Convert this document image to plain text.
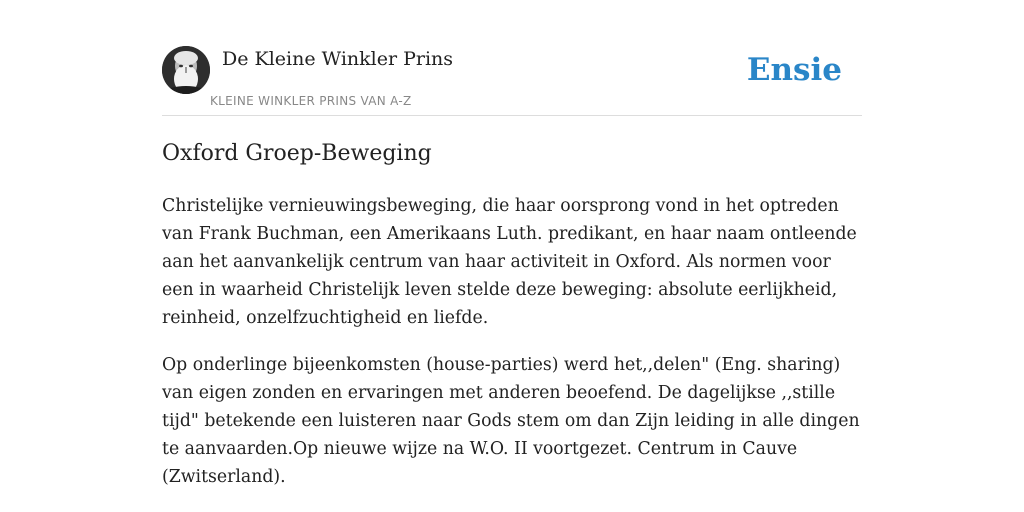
De Kleine Winkler Prins
KLEINE WINKLER PRINS VAN A-Z
Ensie
Oxford Groep-Beweging

Christelijke vernieuwingsbeweging, die haar oorsprong vond in het optreden van Frank Buchman, een Amerikaans Luth. predikant, en haar naam ontleende aan het aanvankelijk centrum van haar activiteit in Oxford. Als normen voor een in waarheid Christelijk leven stelde deze beweging: absolute eerlijkheid, reinheid, onzelfzuchtigheid en liefde.

Op onderlinge bijeenkomsten (house-parties) werd het,,delen" (Eng. sharing) van eigen zonden en ervaringen met anderen beoefend. De dagelijkse ,,stille tijd" betekende een luisteren naar Gods stem om dan Zijn leiding in alle dingen te aanvaarden.Op nieuwe wijze na W.O. II voortgezet. Centrum in Cauve (Zwitserland).
